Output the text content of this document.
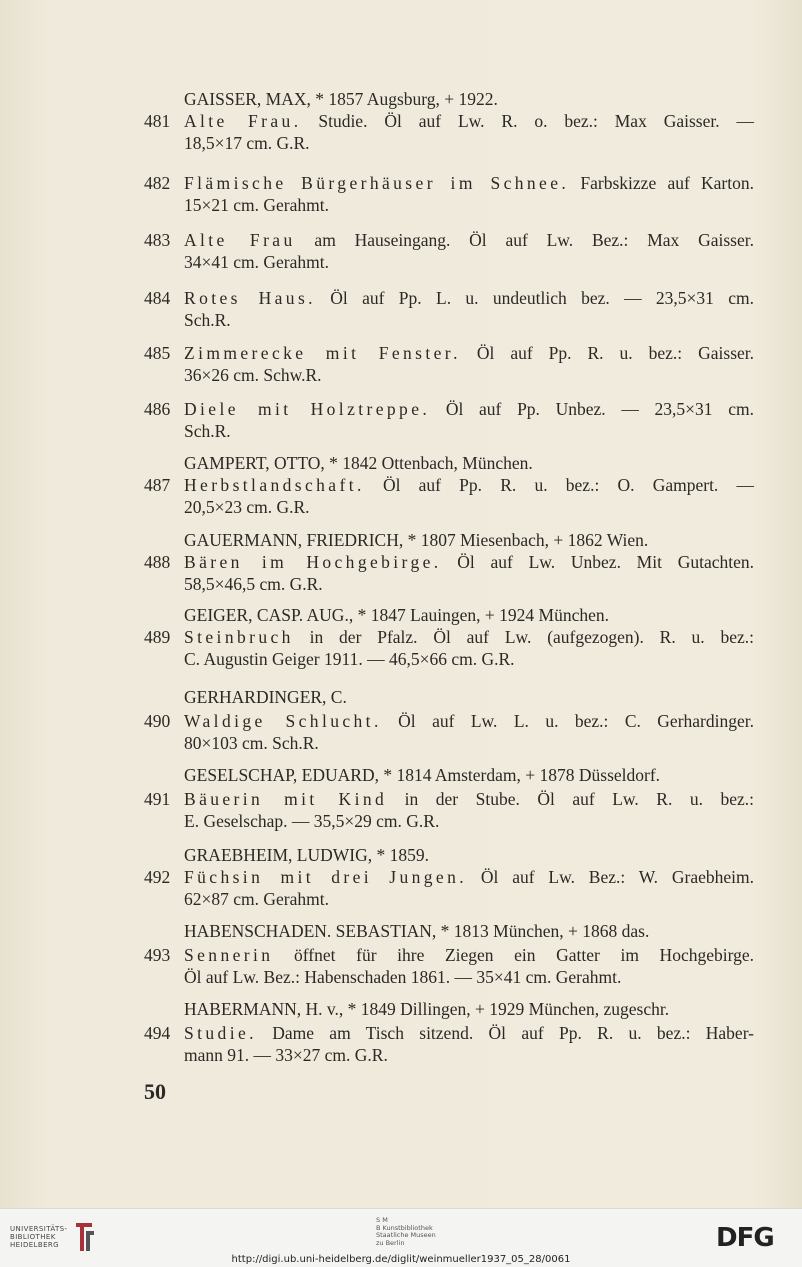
GAISSER, MAX, * 1857 Augsburg, + 1922.
481 Alte Frau. Studie. Öl auf Lw. R. o. bez.: Max Gaisser. —
18,5×17 cm. G.R.
482 Flämische Bürgerhäuser im Schnee. Farbskizze auf Karton.
15×21 cm. Gerahmt.
483 Alte Frau am Hauseingang. Öl auf Lw. Bez.: Max Gaisser.
34×41 cm. Gerahmt.
484 Rotes Haus. Öl auf Pp. L. u. undeutlich bez. — 23,5×31 cm.
Sch.R.
485 Zimmerecke mit Fenster. Öl auf Pp. R. u. bez.: Gaisser.
36×26 cm. Schw.R.
486 Diele mit Holztreppe. Öl auf Pp. Unbez. — 23,5×31 cm.
Sch.R.
GAMPERT, OTTO, * 1842 Ottenbach, München.
487 Herbstlandschaft. Öl auf Pp. R. u. bez.: O. Gampert. —
20,5×23 cm. G.R.
GAUERMANN, FRIEDRICH, * 1807 Miesenbach, + 1862 Wien.
488 Bären im Hochgebirge. Öl auf Lw. Unbez. Mit Gutachten.
58,5×46,5 cm. G.R.
GEIGER, CASP. AUG., * 1847 Lauingen, + 1924 München.
489 Steinbruch in der Pfalz. Öl auf Lw. (aufgezogen). R. u. bez.:
C. Augustin Geiger 1911. — 46,5×66 cm. G.R.
GERHARDINGER, C.
490 Waldige Schlucht. Öl auf Lw. L. u. bez.: C. Gerhardinger.
80×103 cm. Sch.R.
GESELSCHAP, EDUARD, * 1814 Amsterdam, + 1878 Düsseldorf.
491 Bäuerin mit Kind in der Stube. Öl auf Lw. R. u. bez.:
E. Geselschap. — 35,5×29 cm. G.R.
GRAEBHEIM, LUDWIG, * 1859.
492 Füchsin mit drei Jungen. Öl auf Lw. Bez.: W. Graebheim.
62×87 cm. Gerahmt.
HABENSCHADEN. SEBASTIAN, * 1813 München, + 1868 das.
493 Sennerin öffnet für ihre Ziegen ein Gatter im Hochgebirge.
Öl auf Lw. Bez.: Habenschaden 1861. — 35×41 cm. Gerahmt.
HABERMANN, H. v., * 1849 Dillingen, + 1929 München, zugeschr.
494 Studie. Dame am Tisch sitzend. Öl auf Pp. R. u. bez.: Haber-
mann 91. — 33×27 cm. G.R.
50
UNIVERSITÄTS-
BIBLIOTHEK
HEIDELBERG
S M
B Kunstbibliothek
Staatliche Museen
zu Berlin
http://digi.ub.uni-heidelberg.de/diglit/weinmueller1937_05_28/0061
DFG
